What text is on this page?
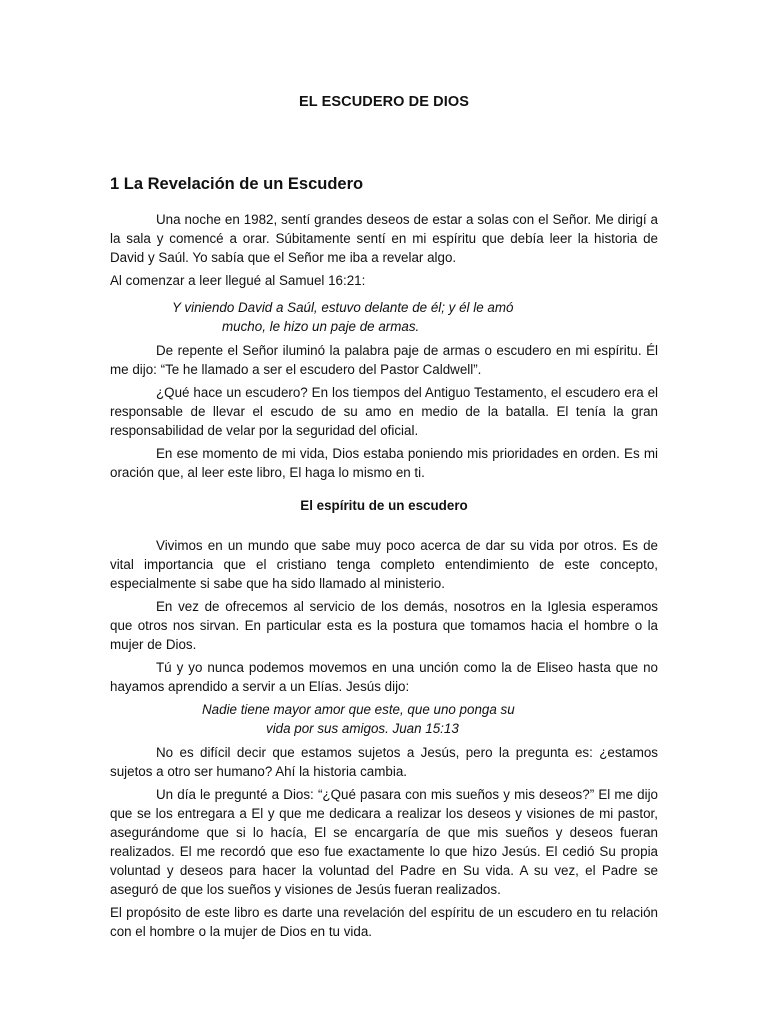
EL ESCUDERO DE DIOS
1 La Revelación de un Escudero

Una noche en 1982, sentí grandes deseos de estar a solas con el Señor. Me dirigí a la sala y comencé a orar. Súbitamente sentí en mi espíritu que debía leer la historia de David y Saúl. Yo sabía que el Señor me iba a revelar algo.

Al comenzar a leer llegué al Samuel 16:21:

Y viniendo David a Saúl, estuvo delante de él; y él le amó
mucho, le hizo un paje de armas.

De repente el Señor iluminó la palabra paje de armas o escudero en mi espíritu. Él me dijo: “Te he llamado a ser el escudero del Pastor Caldwell”.

¿Qué hace un escudero? En los tiempos del Antiguo Testamento, el escudero era el responsable de llevar el escudo de su amo en medio de la batalla. El tenía la gran responsabilidad de velar por la seguridad del oficial.

En ese momento de mi vida, Dios estaba poniendo mis prioridades en orden. Es mi oración que, al leer este libro, El haga lo mismo en ti.

El espíritu de un escudero

Vivimos en un mundo que sabe muy poco acerca de dar su vida por otros. Es de vital importancia que el cristiano tenga completo entendimiento de este concepto, especialmente si sabe que ha sido llamado al ministerio.

En vez de ofrecemos al servicio de los demás, nosotros en la Iglesia esperamos que otros nos sirvan. En particular esta es la postura que tomamos hacia el hombre o la mujer de Dios.

Tú y yo nunca podemos movemos en una unción como la de Eliseo hasta que no hayamos aprendido a servir a un Elías. Jesús dijo:

Nadie tiene mayor amor que este, que uno ponga su
vida por sus amigos. Juan 15:13

No es difícil decir que estamos sujetos a Jesús, pero la pregunta es: ¿estamos sujetos a otro ser humano? Ahí la historia cambia.

Un día le pregunté a Dios: “¿Qué pasara con mis sueños y mis deseos?” El me dijo que se los entregara a El y que me dedicara a realizar los deseos y visiones de mi pastor, asegurándome que si lo hacía, El se encargaría de que mis sueños y deseos fueran realizados. El me recordó que eso fue exactamente lo que hizo Jesús. El cedió Su propia voluntad y deseos para hacer la voluntad del Padre en Su vida. A su vez, el Padre se aseguró de que los sueños y visiones de Jesús fueran realizados.

El propósito de este libro es darte una revelación del espíritu de un escudero en tu relación con el hombre o la mujer de Dios en tu vida.
